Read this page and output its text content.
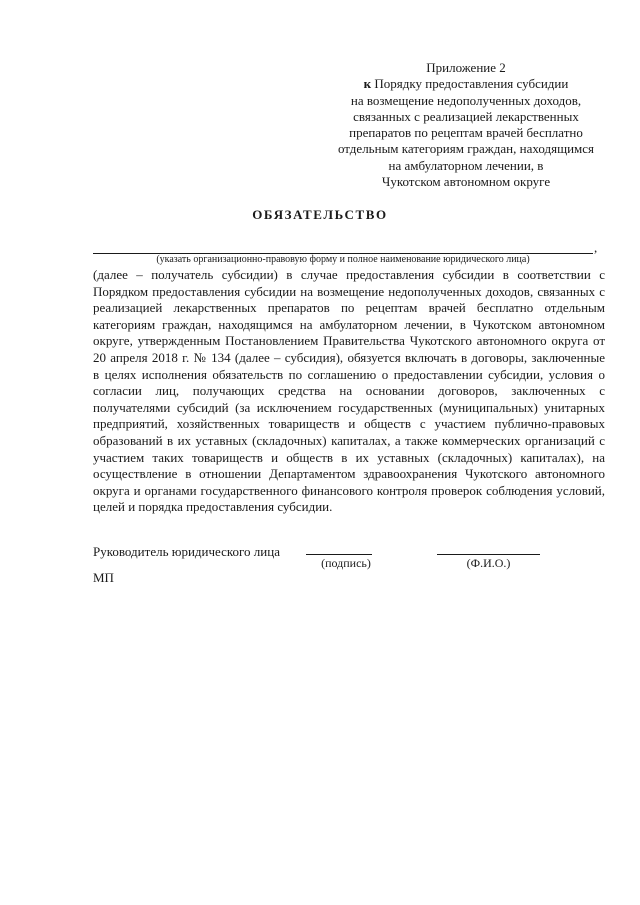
Приложение 2
к Порядку предоставления субсидии
на возмещение недополученных доходов,
связанных с реализацией лекарственных
препаратов по рецептам врачей бесплатно
отдельным категориям граждан, находящимся
на амбулаторном лечении, в
Чукотском автономном округе
ОБЯЗАТЕЛЬСТВО
,
(указать организационно-правовую форму и полное наименование юридического лица)
(далее – получатель субсидии) в случае предоставления субсидии в соответствии с
Порядком предоставления субсидии на возмещение недополученных доходов, связанных с
реализацией лекарственных препаратов по рецептам врачей бесплатно отдельным
категориям граждан, находящимся на амбулаторном лечении, в Чукотском автономном
округе, утвержденным Постановлением Правительства Чукотского автономного округа от
20 апреля 2018 г. № 134 (далее – субсидия), обязуется включать в договоры, заключенные
в целях исполнения обязательств по соглашению о предоставлении субсидии, условия о
согласии лиц, получающих средства на основании договоров, заключенных с
получателями субсидий (за исключением государственных (муниципальных) унитарных
предприятий, хозяйственных товариществ и обществ с участием публично-правовых
образований в их уставных (складочных) капиталах, а также коммерческих организаций с
участием таких товариществ и обществ в их уставных (складочных) капиталах), на
осуществление в отношении Департаментом здравоохранения Чукотского автономного
округа и органами государственного финансового контроля проверок соблюдения условий,
целей и порядка предоставления субсидии.
Руководитель юридического лица
(подпись)	(Ф.И.О.)
МП
